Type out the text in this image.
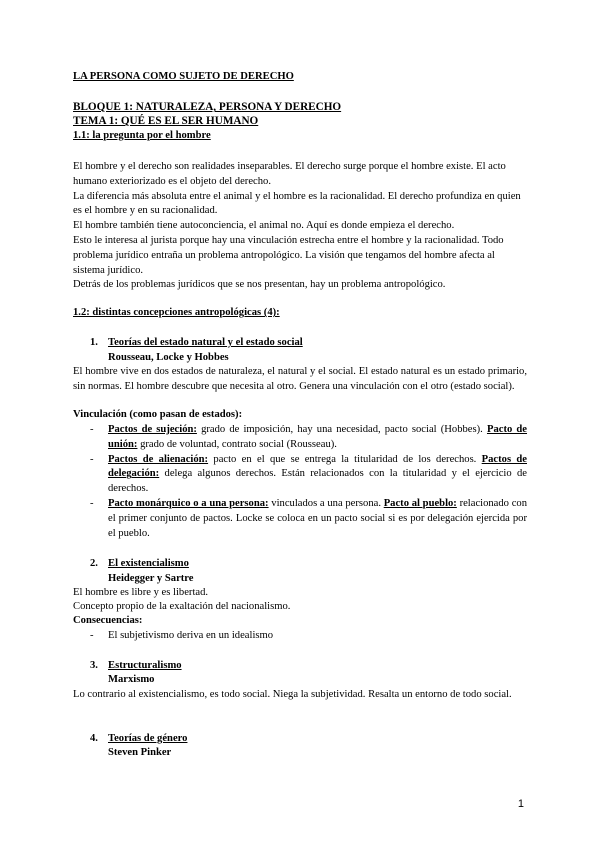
LA PERSONA COMO SUJETO DE DERECHO
BLOQUE 1: NATURALEZA, PERSONA Y DERECHO
TEMA 1: QUÉ ES EL SER HUMANO
1.1: la pregunta por el hombre
El hombre y el derecho son realidades inseparables. El derecho surge porque el hombre existe. El acto humano exteriorizado es el objeto del derecho.
La diferencia más absoluta entre el animal y el hombre es la racionalidad. El derecho profundiza en quien es el hombre y en su racionalidad.
El hombre también tiene autoconciencia, el animal no. Aquí es donde empieza el derecho.
Esto le interesa al jurista porque hay una vinculación estrecha entre el hombre y la racionalidad. Todo problema jurídico entraña un problema antropológico. La visión que tengamos del hombre afecta al sistema jurídico.
Detrás de los problemas jurídicos que se nos presentan, hay un problema antropológico.
1.2: distintas concepciones antropológicas (4):
1. Teorías del estado natural y el estado social
Rousseau, Locke y Hobbes
El hombre vive en dos estados de naturaleza, el natural y el social. El estado natural es un estado primario, sin normas. El hombre descubre que necesita al otro. Genera una vinculación con el otro (estado social).
Vinculación (como pasan de estados):
- Pactos de sujeción: grado de imposición, hay una necesidad, pacto social (Hobbes). Pacto de unión: grado de voluntad, contrato social (Rousseau).
- Pactos de alienación: pacto en el que se entrega la titularidad de los derechos. Pactos de delegación: delega algunos derechos. Están relacionados con la titularidad y el ejercicio de derechos.
- Pacto monárquico o a una persona: vinculados a una persona. Pacto al pueblo: relacionado con el primer conjunto de pactos. Locke se coloca en un pacto social si es por delegación ejercida por el pueblo.
2. El existencialismo
Heidegger y Sartre
El hombre es libre y es libertad.
Concepto propio de la exaltación del nacionalismo.
Consecuencias:
- El subjetivismo deriva en un idealismo
3. Estructuralismo
Marxismo
Lo contrario al existencialismo, es todo social. Niega la subjetividad. Resalta un entorno de todo social.
4. Teorías de género
Steven Pinker
1
